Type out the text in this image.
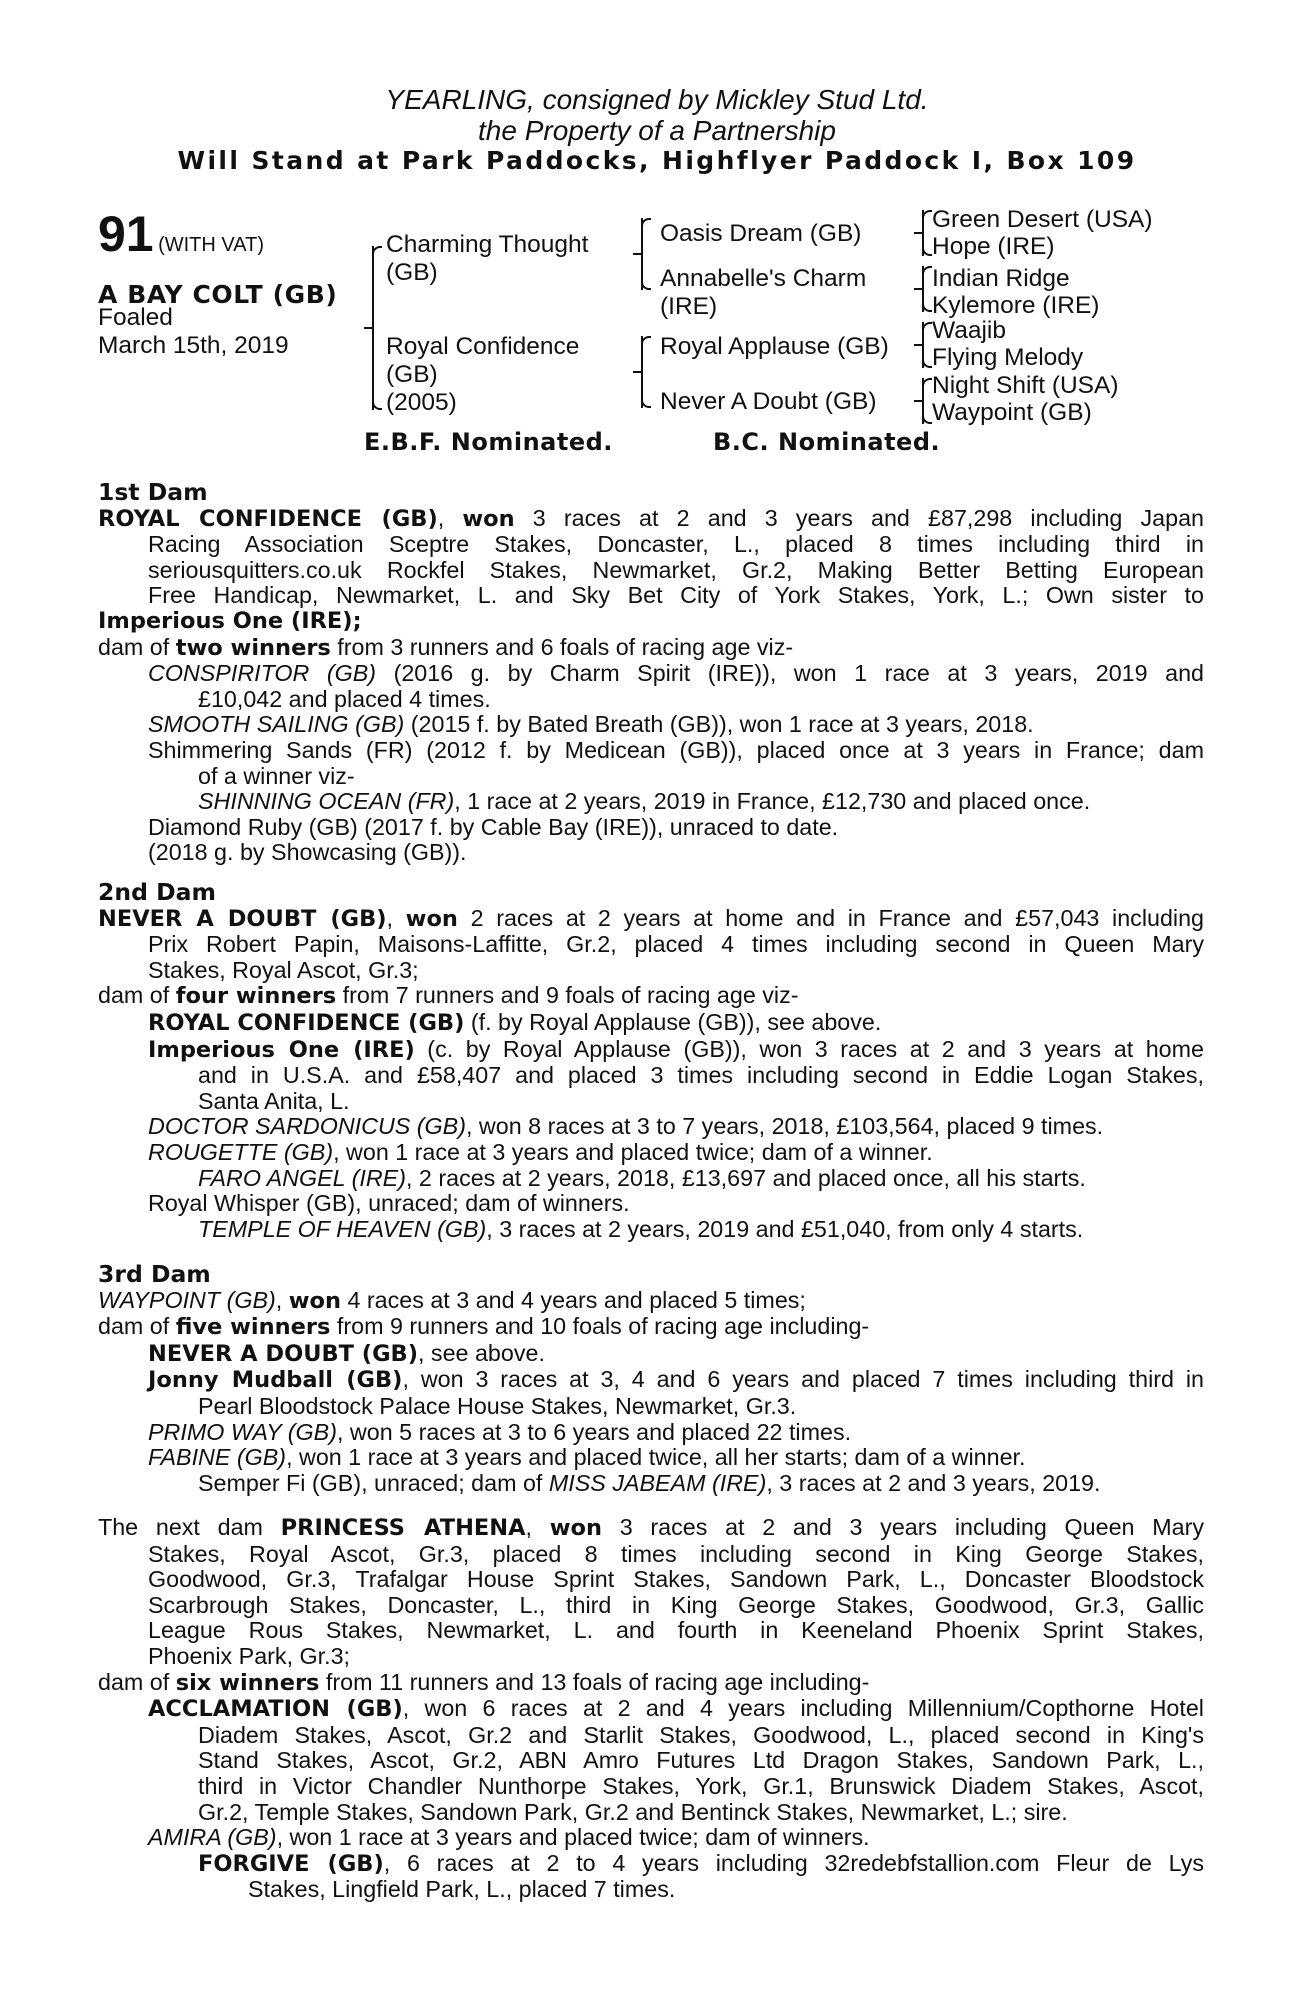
YEARLING, consigned by Mickley Stud Ltd.
the Property of a Partnership
Will Stand at Park Paddocks, Highflyer Paddock I, Box 109
91 (WITH VAT)
A BAY COLT (GB)
Foaled
March 15th, 2019
Charming Thought
(GB)
Royal Confidence
(GB)
(2005)
Oasis Dream (GB)
Annabelle's Charm
(IRE)
Royal Applause (GB)
Never A Doubt (GB)
Green Desert (USA)
Hope (IRE)
Indian Ridge
Kylemore (IRE)
Waajib
Flying Melody
Night Shift (USA)
Waypoint (GB)
E.B.F. Nominated.	B.C. Nominated.
1st Dam
ROYAL CONFIDENCE (GB), won 3 races at 2 and 3 years and £87,298 including Japan
Racing Association Sceptre Stakes, Doncaster, L., placed 8 times including third in
seriousquitters.co.uk Rockfel Stakes, Newmarket, Gr.2, Making Better Betting European
Free Handicap, Newmarket, L. and Sky Bet City of York Stakes, York, L.; Own sister to
Imperious One (IRE);
dam of two winners from 3 runners and 6 foals of racing age viz-
CONSPIRITOR (GB) (2016 g. by Charm Spirit (IRE)), won 1 race at 3 years, 2019 and
£10,042 and placed 4 times.
SMOOTH SAILING (GB) (2015 f. by Bated Breath (GB)), won 1 race at 3 years, 2018.
Shimmering Sands (FR) (2012 f. by Medicean (GB)), placed once at 3 years in France; dam
of a winner viz-
SHINNING OCEAN (FR), 1 race at 2 years, 2019 in France, £12,730 and placed once.
Diamond Ruby (GB) (2017 f. by Cable Bay (IRE)), unraced to date.
(2018 g. by Showcasing (GB)).
2nd Dam
NEVER A DOUBT (GB), won 2 races at 2 years at home and in France and £57,043 including
Prix Robert Papin, Maisons-Laffitte, Gr.2, placed 4 times including second in Queen Mary
Stakes, Royal Ascot, Gr.3;
dam of four winners from 7 runners and 9 foals of racing age viz-
ROYAL CONFIDENCE (GB) (f. by Royal Applause (GB)), see above.
Imperious One (IRE) (c. by Royal Applause (GB)), won 3 races at 2 and 3 years at home
and in U.S.A. and £58,407 and placed 3 times including second in Eddie Logan Stakes,
Santa Anita, L.
DOCTOR SARDONICUS (GB), won 8 races at 3 to 7 years, 2018, £103,564, placed 9 times.
ROUGETTE (GB), won 1 race at 3 years and placed twice; dam of a winner.
FARO ANGEL (IRE), 2 races at 2 years, 2018, £13,697 and placed once, all his starts.
Royal Whisper (GB), unraced; dam of winners.
TEMPLE OF HEAVEN (GB), 3 races at 2 years, 2019 and £51,040, from only 4 starts.
3rd Dam
WAYPOINT (GB), won 4 races at 3 and 4 years and placed 5 times;
dam of five winners from 9 runners and 10 foals of racing age including-
NEVER A DOUBT (GB), see above.
Jonny Mudball (GB), won 3 races at 3, 4 and 6 years and placed 7 times including third in
Pearl Bloodstock Palace House Stakes, Newmarket, Gr.3.
PRIMO WAY (GB), won 5 races at 3 to 6 years and placed 22 times.
FABINE (GB), won 1 race at 3 years and placed twice, all her starts; dam of a winner.
Semper Fi (GB), unraced; dam of MISS JABEAM (IRE), 3 races at 2 and 3 years, 2019.
The next dam PRINCESS ATHENA, won 3 races at 2 and 3 years including Queen Mary
Stakes, Royal Ascot, Gr.3, placed 8 times including second in King George Stakes,
Goodwood, Gr.3, Trafalgar House Sprint Stakes, Sandown Park, L., Doncaster Bloodstock
Scarbrough Stakes, Doncaster, L., third in King George Stakes, Goodwood, Gr.3, Gallic
League Rous Stakes, Newmarket, L. and fourth in Keeneland Phoenix Sprint Stakes,
Phoenix Park, Gr.3;
dam of six winners from 11 runners and 13 foals of racing age including-
ACCLAMATION (GB), won 6 races at 2 and 4 years including Millennium/Copthorne Hotel
Diadem Stakes, Ascot, Gr.2 and Starlit Stakes, Goodwood, L., placed second in King's
Stand Stakes, Ascot, Gr.2, ABN Amro Futures Ltd Dragon Stakes, Sandown Park, L.,
third in Victor Chandler Nunthorpe Stakes, York, Gr.1, Brunswick Diadem Stakes, Ascot,
Gr.2, Temple Stakes, Sandown Park, Gr.2 and Bentinck Stakes, Newmarket, L.; sire.
AMIRA (GB), won 1 race at 3 years and placed twice; dam of winners.
FORGIVE (GB), 6 races at 2 to 4 years including 32redebfstallion.com Fleur de Lys
Stakes, Lingfield Park, L., placed 7 times.
